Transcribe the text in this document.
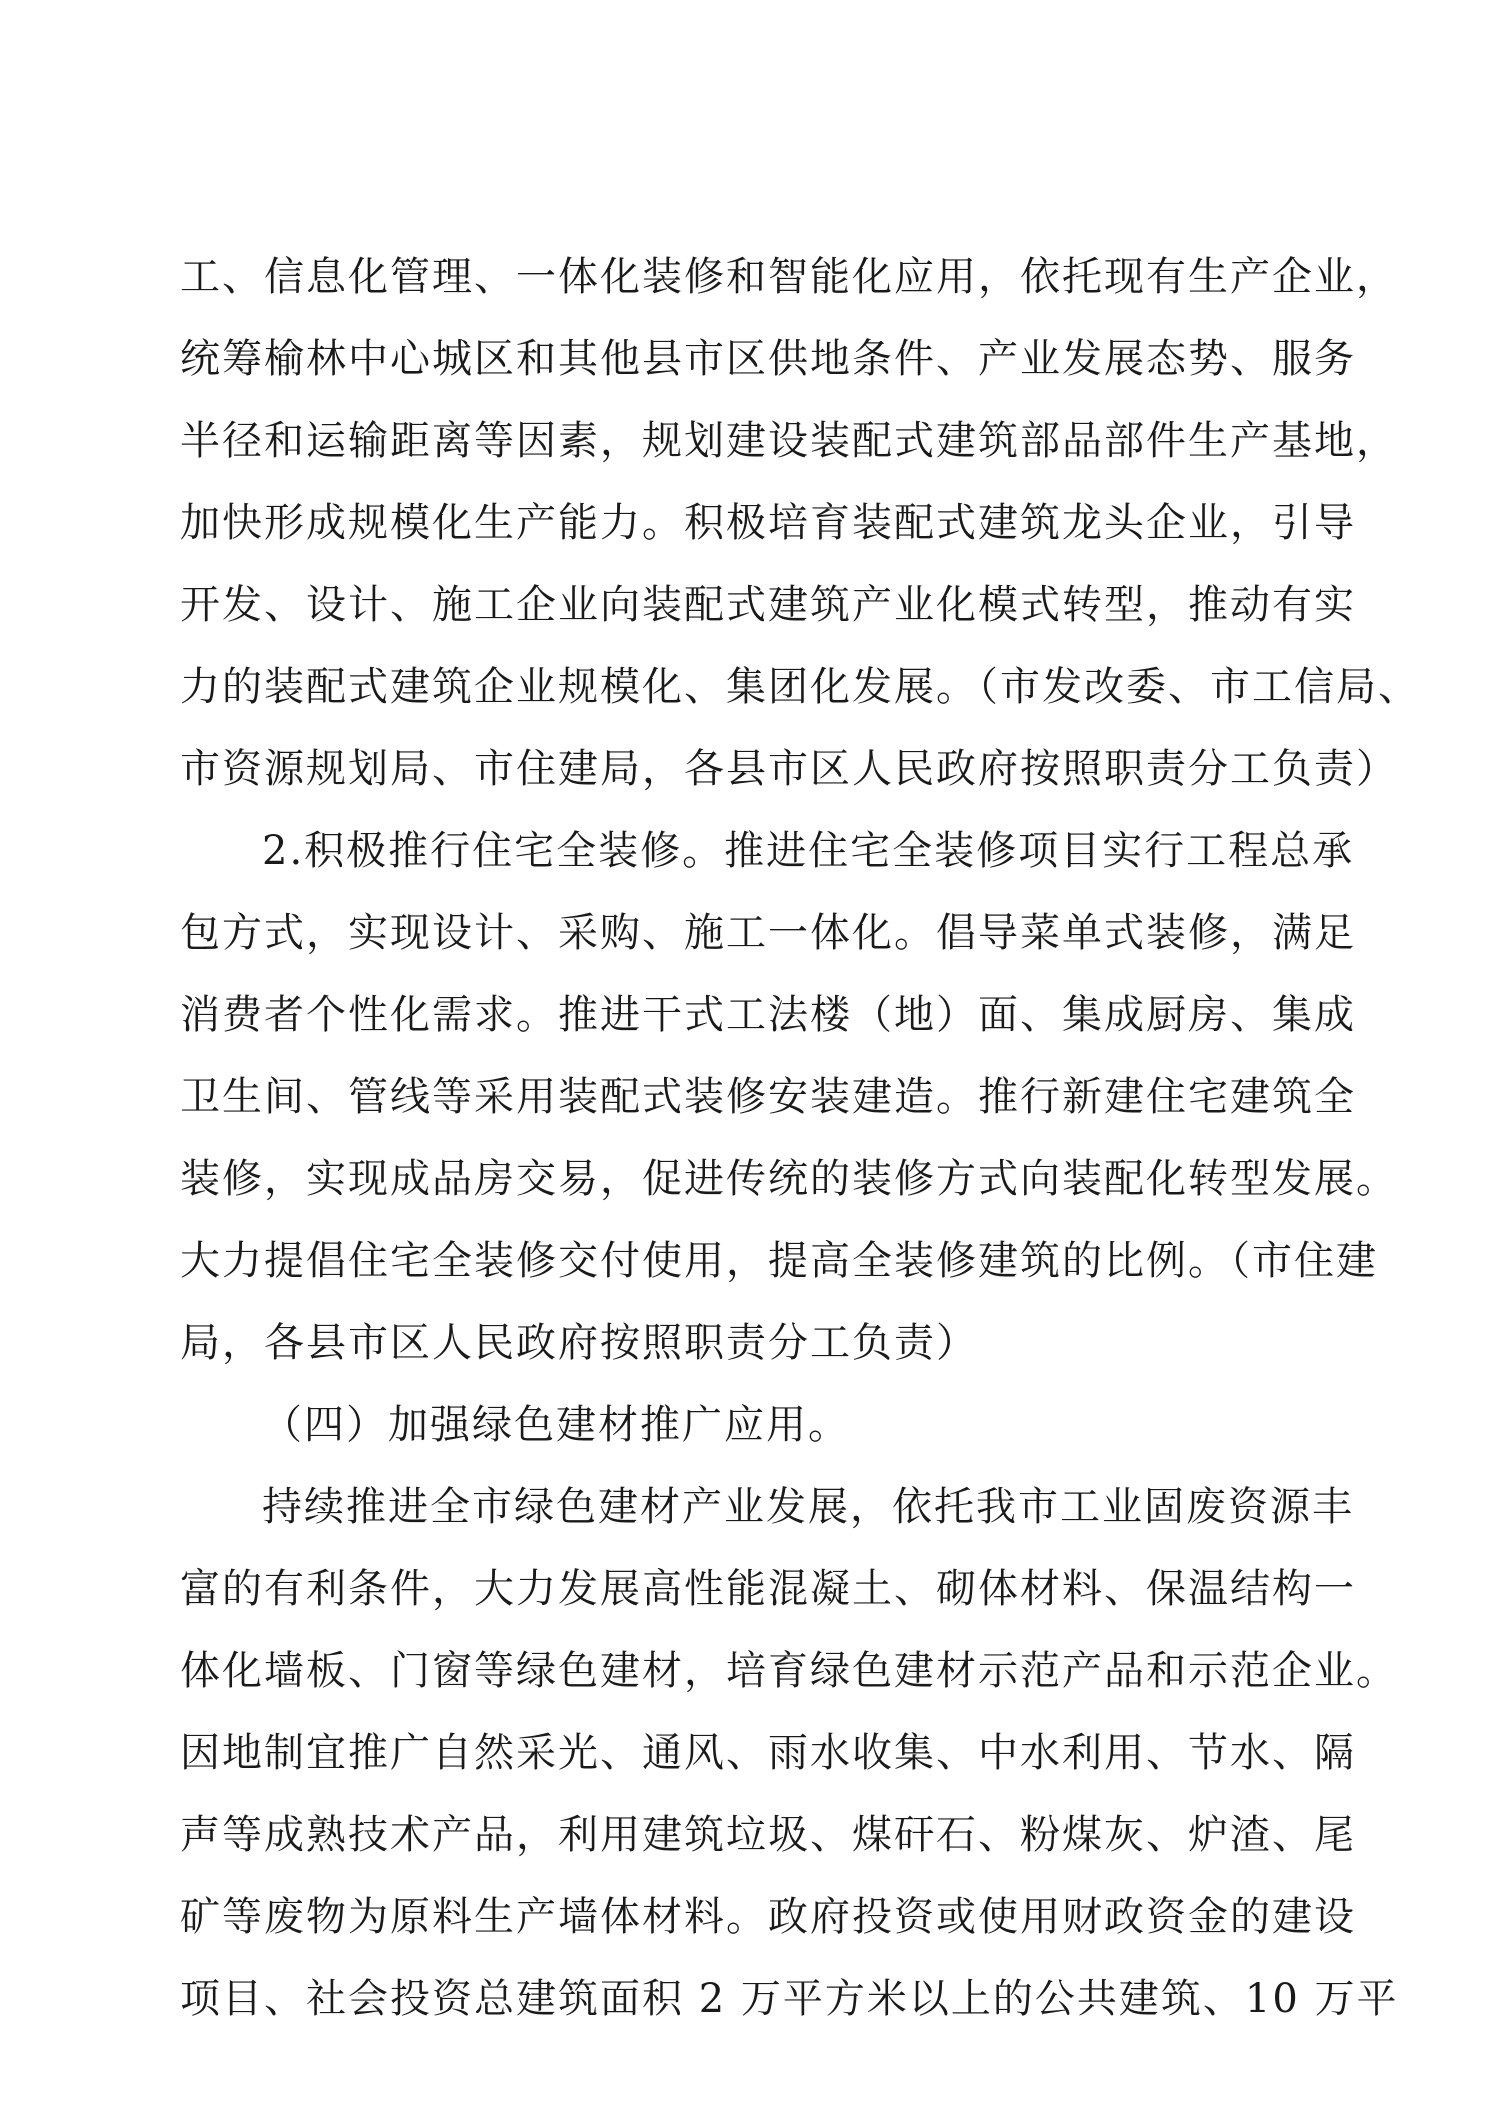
工、信息化管理、一体化装修和智能化应用，依托现有生产企业，
统筹榆林中心城区和其他县市区供地条件、产业发展态势、服务
半径和运输距离等因素，规划建设装配式建筑部品部件生产基地，
加快形成规模化生产能力。积极培育装配式建筑龙头企业，引导
开发、设计、施工企业向装配式建筑产业化模式转型，推动有实
力的装配式建筑企业规模化、集团化发展。（市发改委、市工信局、
市资源规划局、市住建局，各县市区人民政府按照职责分工负责）
2.积极推行住宅全装修。推进住宅全装修项目实行工程总承
包方式，实现设计、采购、施工一体化。倡导菜单式装修，满足
消费者个性化需求。推进干式工法楼（地）面、集成厨房、集成
卫生间、管线等采用装配式装修安装建造。推行新建住宅建筑全
装修，实现成品房交易，促进传统的装修方式向装配化转型发展。
大力提倡住宅全装修交付使用，提高全装修建筑的比例。（市住建
局，各县市区人民政府按照职责分工负责）
（四）加强绿色建材推广应用。
持续推进全市绿色建材产业发展，依托我市工业固废资源丰
富的有利条件，大力发展高性能混凝土、砌体材料、保温结构一
体化墙板、门窗等绿色建材，培育绿色建材示范产品和示范企业。
因地制宜推广自然采光、通风、雨水收集、中水利用、节水、隔
声等成熟技术产品，利用建筑垃圾、煤矸石、粉煤灰、炉渣、尾
矿等废物为原料生产墙体材料。政府投资或使用财政资金的建设
项目、社会投资总建筑面积 2 万平方米以上的公共建筑、10 万平
